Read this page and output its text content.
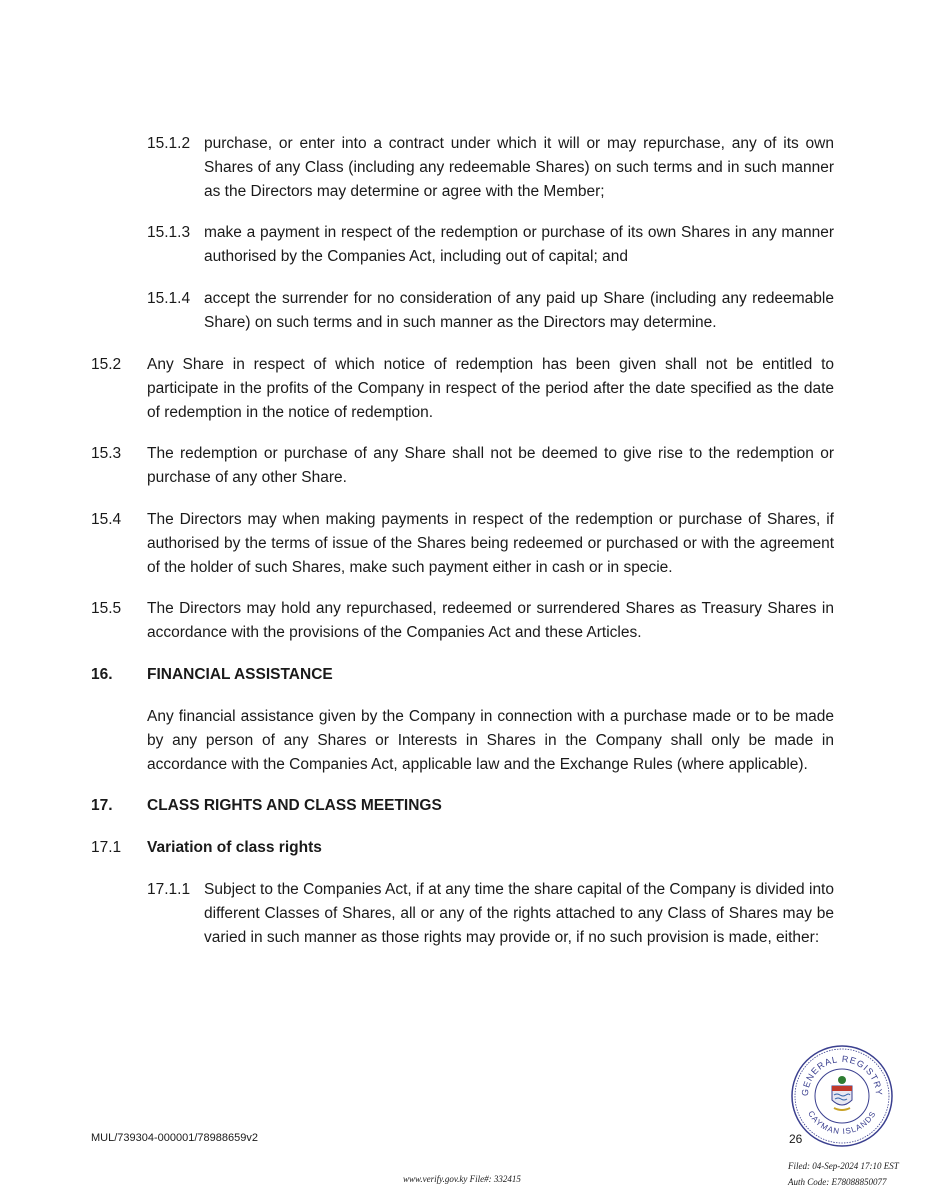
15.1.2 purchase, or enter into a contract under which it will or may repurchase, any of its own Shares of any Class (including any redeemable Shares) on such terms and in such manner as the Directors may determine or agree with the Member;
15.1.3 make a payment in respect of the redemption or purchase of its own Shares in any manner authorised by the Companies Act, including out of capital; and
15.1.4 accept the surrender for no consideration of any paid up Share (including any redeemable Share) on such terms and in such manner as the Directors may determine.
15.2 Any Share in respect of which notice of redemption has been given shall not be entitled to participate in the profits of the Company in respect of the period after the date specified as the date of redemption in the notice of redemption.
15.3 The redemption or purchase of any Share shall not be deemed to give rise to the redemption or purchase of any other Share.
15.4 The Directors may when making payments in respect of the redemption or purchase of Shares, if authorised by the terms of issue of the Shares being redeemed or purchased or with the agreement of the holder of such Shares, make such payment either in cash or in specie.
15.5 The Directors may hold any repurchased, redeemed or surrendered Shares as Treasury Shares in accordance with the provisions of the Companies Act and these Articles.
16. FINANCIAL ASSISTANCE
Any financial assistance given by the Company in connection with a purchase made or to be made by any person of any Shares or Interests in Shares in the Company shall only be made in accordance with the Companies Act, applicable law and the Exchange Rules (where applicable).
17. CLASS RIGHTS AND CLASS MEETINGS
17.1 Variation of class rights
17.1.1 Subject to the Companies Act, if at any time the share capital of the Company is divided into different Classes of Shares, all or any of the rights attached to any Class of Shares may be varied in such manner as those rights may provide or, if no such provision is made, either:
GENERAL REGISTRY
CAYMAN ISLANDS
MUL/739304-000001/78988659v2	26
www.verify.gov.ky File#: 332415
Filed: 04-Sep-2024 17:10 EST
Auth Code: E78088850077
